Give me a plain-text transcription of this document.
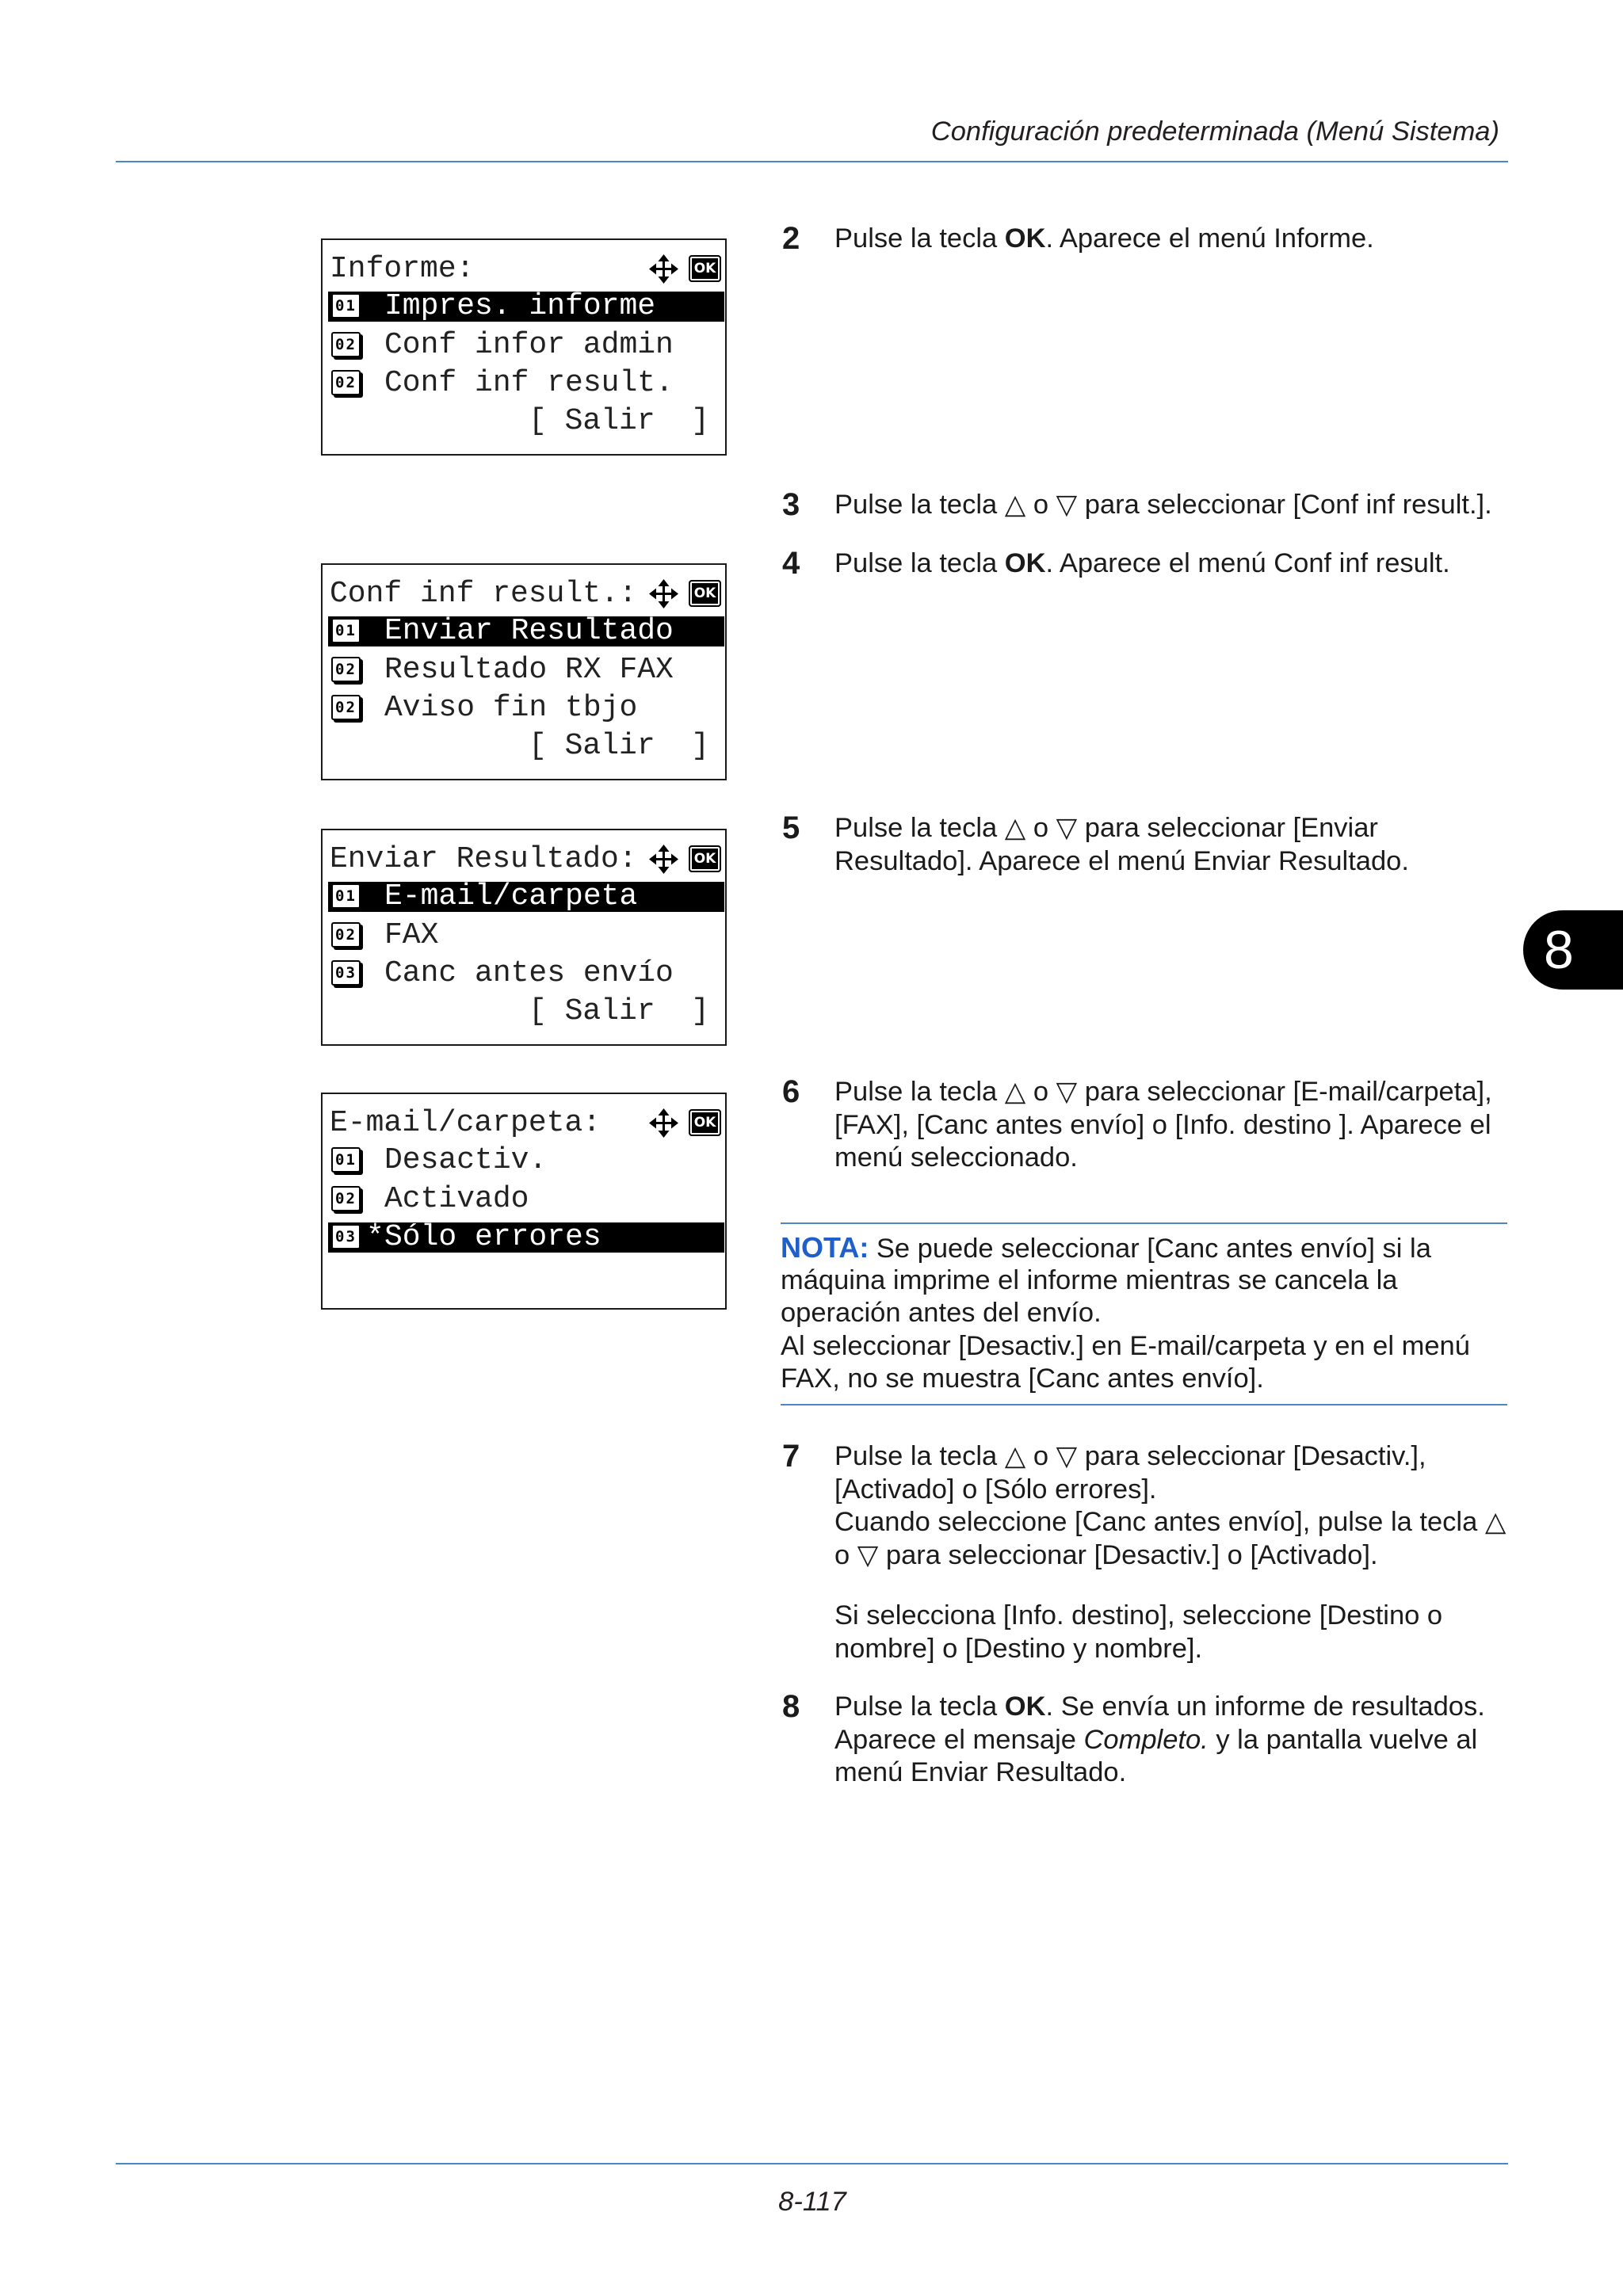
Configuración predeterminada (Menú Sistema)
8
Informe:	OK
01 Impres. informe
02 Conf infor admin
02 Conf inf result.
[ Salir  ]
Conf inf result.:	OK
01 Enviar Resultado
02 Resultado RX FAX
02 Aviso fin tbjo
[ Salir  ]
Enviar Resultado:	OK
01 E-mail/carpeta
02 FAX
03 Canc antes envío
[ Salir  ]
E-mail/carpeta:	OK
01 Desactiv.
02 Activado
03 * Sólo errores
2 Pulse la tecla OK. Aparece el menú Informe.
3 Pulse la tecla △ o ▽ para seleccionar [Conf inf result.].
4 Pulse la tecla OK. Aparece el menú Conf inf result.
5 Pulse la tecla △ o ▽ para seleccionar [Enviar
Resultado]. Aparece el menú Enviar Resultado.
6 Pulse la tecla △ o ▽ para seleccionar [E-mail/carpeta],
[FAX], [Canc antes envío] o [Info. destino ]. Aparece el
menú seleccionado.
NOTA: Se puede seleccionar [Canc antes envío] si la
máquina imprime el informe mientras se cancela la
operación antes del envío.
Al seleccionar [Desactiv.] en E-mail/carpeta y en el menú
FAX, no se muestra [Canc antes envío].
7 Pulse la tecla △ o ▽ para seleccionar [Desactiv.],
[Activado] o [Sólo errores].
Cuando seleccione [Canc antes envío], pulse la tecla △
o ▽ para seleccionar [Desactiv.] o [Activado].
Si selecciona [Info. destino], seleccione [Destino o
nombre] o [Destino y nombre].
8 Pulse la tecla OK. Se envía un informe de resultados.
Aparece el mensaje Completo. y la pantalla vuelve al
menú Enviar Resultado.
8-117
